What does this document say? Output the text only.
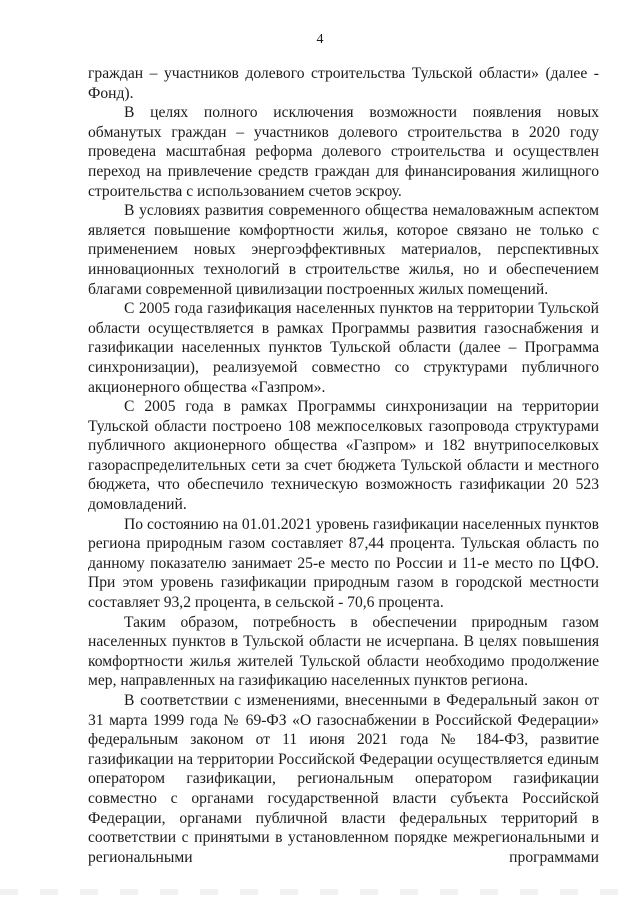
4

граждан – участников долевого строительства Тульской области» (далее - Фонд).

В целях полного исключения возможности появления новых обманутых граждан – участников долевого строительства в 2020 году проведена масштабная реформа долевого строительства и осуществлен переход на привлечение средств граждан для финансирования жилищного строительства с использованием счетов эскроу.

В условиях развития современного общества немаловажным аспектом является повышение комфортности жилья, которое связано не только с применением новых энергоэффективных материалов, перспективных инновационных технологий в строительстве жилья, но и обеспечением благами современной цивилизации построенных жилых помещений.

С 2005 года газификация населенных пунктов на территории Тульской области осуществляется в рамках Программы развития газоснабжения и газификации населенных пунктов Тульской области (далее – Программа синхронизации), реализуемой совместно со структурами публичного акционерного общества «Газпром».

С 2005 года в рамках Программы синхронизации на территории Тульской области построено 108 межпоселковых газопровода структурами публичного акционерного общества «Газпром» и 182 внутрипоселковых газораспределительных сети за счет бюджета Тульской области и местного бюджета, что обеспечило техническую возможность газификации 20 523 домовладений.

По состоянию на 01.01.2021 уровень газификации населенных пунктов региона природным газом составляет 87,44 процента. Тульская область по данному показателю занимает 25-е место по России и 11-е место по ЦФО. При этом уровень газификации природным газом в городской местности составляет 93,2 процента, в сельской - 70,6 процента.

Таким образом, потребность в обеспечении природным газом населенных пунктов в Тульской области не исчерпана. В целях повышения комфортности жилья жителей Тульской области необходимо продолжение мер, направленных на газификацию населенных пунктов региона.

В соответствии с изменениями, внесенными в Федеральный закон от 31 марта 1999 года № 69-ФЗ «О газоснабжении в Российской Федерации» федеральным законом от 11 июня 2021 года № 184-ФЗ, развитие газификации на территории Российской Федерации осуществляется единым оператором газификации, региональным оператором газификации совместно с органами государственной власти субъекта Российской Федерации, органами публичной власти федеральных территорий в соответствии с принятыми в установленном порядке межрегиональными и региональными программами
